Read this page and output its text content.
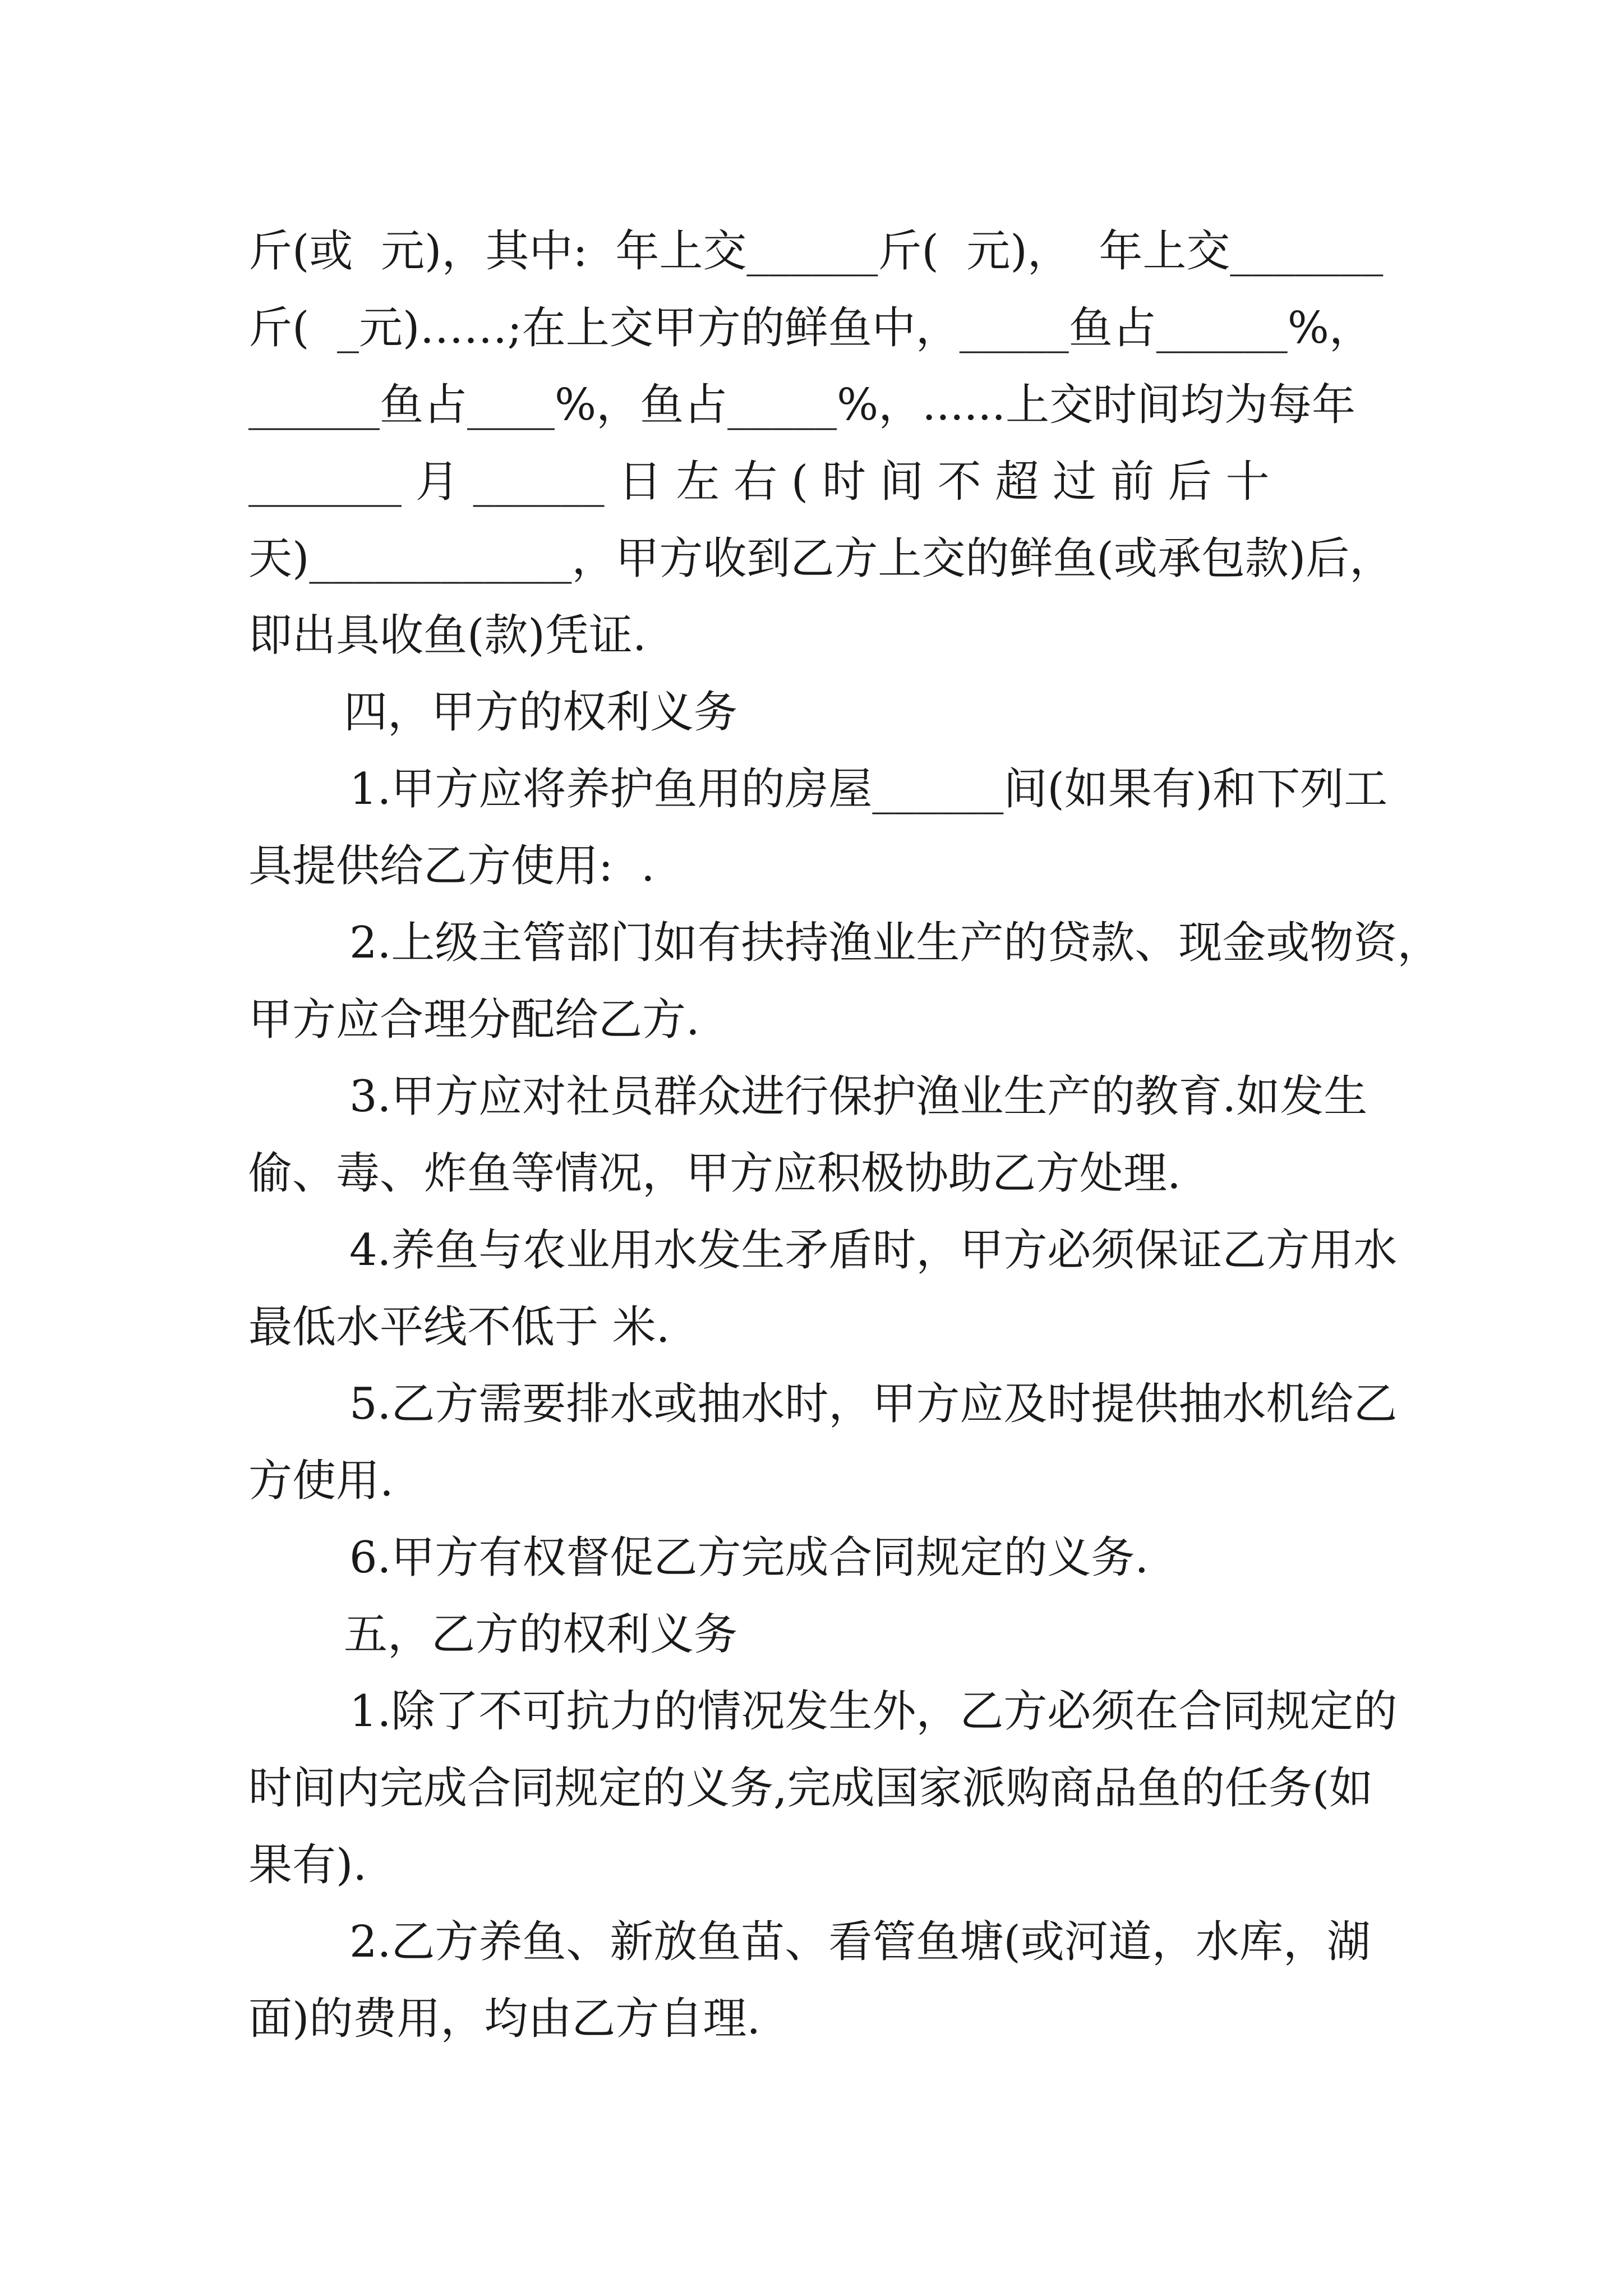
斤(或  元)，其中:  年上交______斤(  元)，  年上交_______
斤(  _元)……;在上交甲方的鲜鱼中，_____鱼占______%，
______鱼占____%，鱼占_____%，......上交时间均为每年
_______ 月 ______ 日 左 右 ( 时 间 不 超 过 前 后 十
天)____________，甲方收到乙方上交的鲜鱼(或承包款)后，
即出具收鱼(款)凭证.
四，甲方的权利义务
1.甲方应将养护鱼用的房屋______间(如果有)和下列工
具提供给乙方使用:  .
2.上级主管部门如有扶持渔业生产的贷款、现金或物资，
甲方应合理分配给乙方.
3.甲方应对社员群众进行保护渔业生产的教育.如发生
偷、毒、炸鱼等情况，甲方应积极协助乙方处理.
4.养鱼与农业用水发生矛盾时，甲方必须保证乙方用水
最低水平线不低于 米.
5.乙方需要排水或抽水时，甲方应及时提供抽水机给乙
方使用.
6.甲方有权督促乙方完成合同规定的义务.
五，乙方的权利义务
1.除了不可抗力的情况发生外，乙方必须在合同规定的
时间内完成合同规定的义务,完成国家派购商品鱼的任务(如
果有).
2.乙方养鱼、新放鱼苗、看管鱼塘(或河道，水库，湖
面)的费用，均由乙方自理.
